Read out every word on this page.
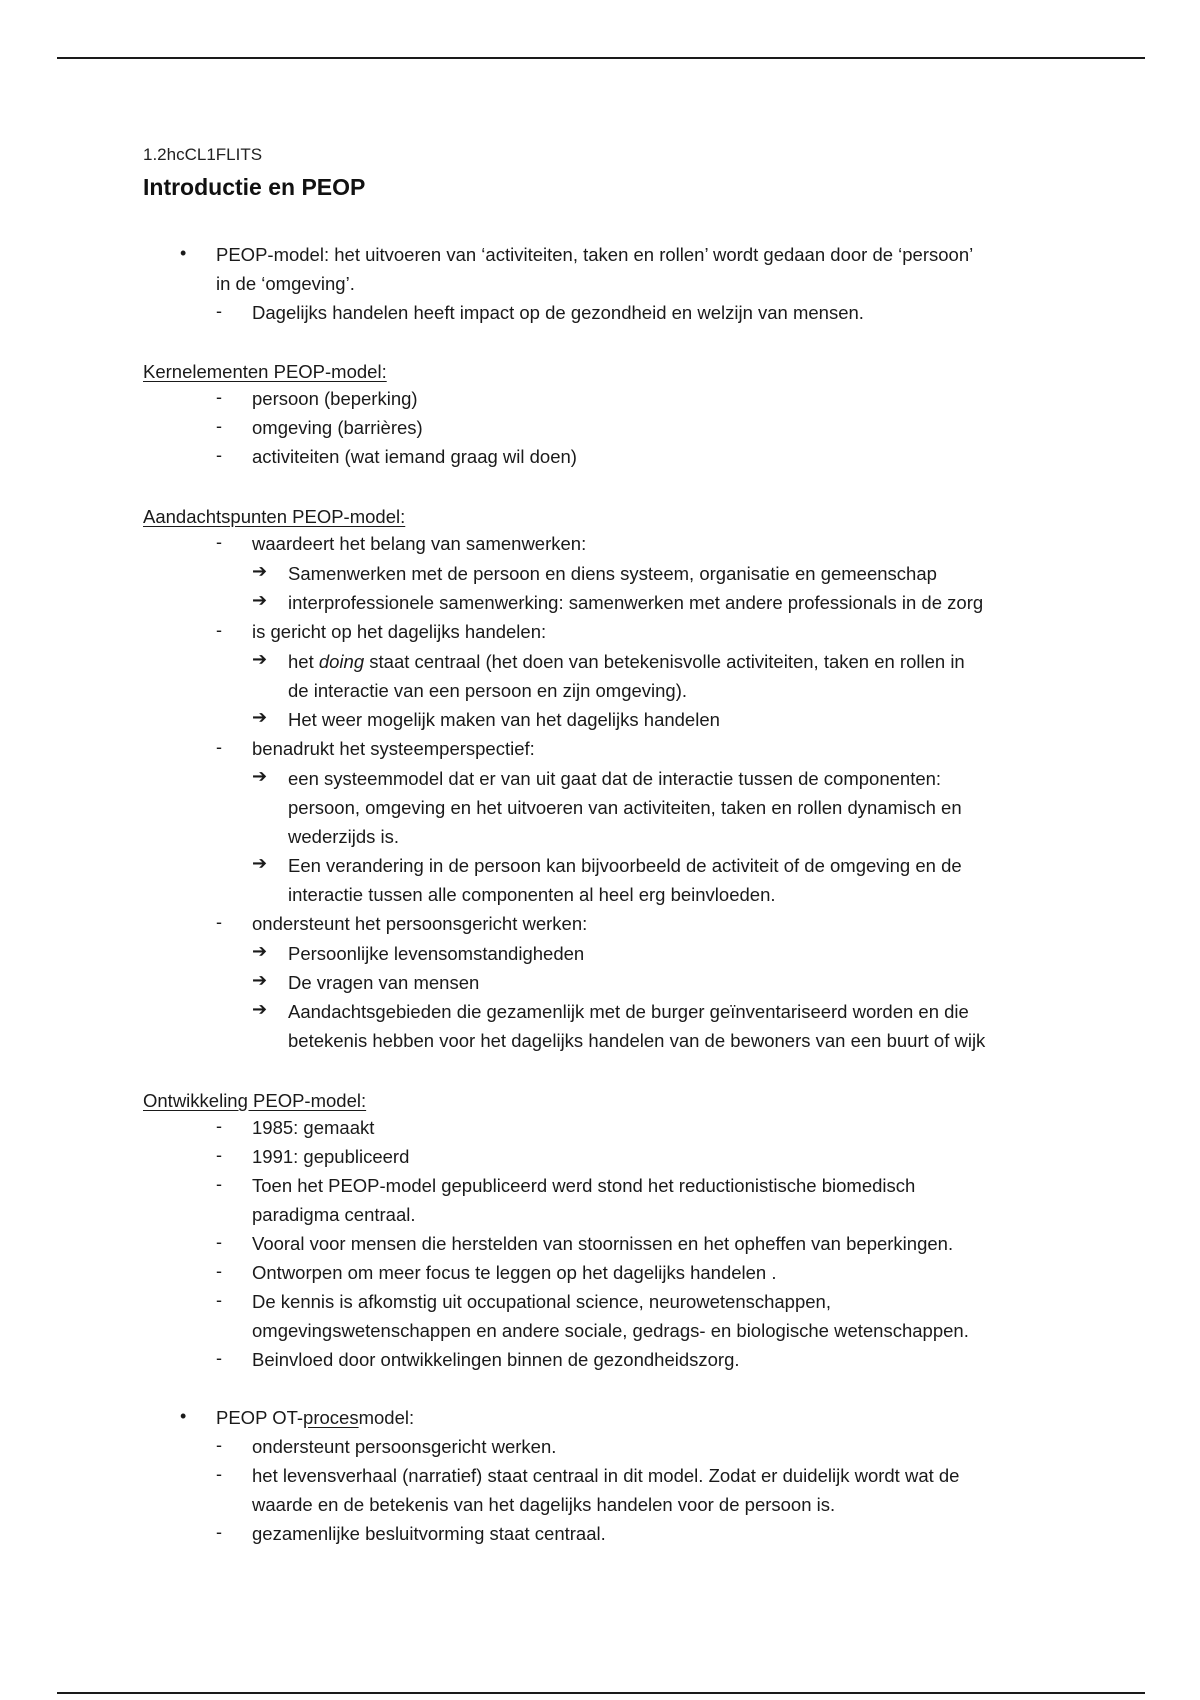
1.2hcCL1FLITS
Introductie en PEOP
• PEOP-model: het uitvoeren van ‘activiteiten, taken en rollen’ wordt gedaan door de ‘persoon’
in de ‘omgeving’.
- Dagelijks handelen heeft impact op de gezondheid en welzijn van mensen.
Kernelementen PEOP-model:
- persoon (beperking)
- omgeving (barrières)
- activiteiten (wat iemand graag wil doen)
Aandachtspunten PEOP-model:
- waardeert het belang van samenwerken:
➔ Samenwerken met de persoon en diens systeem, organisatie en gemeenschap
➔ interprofessionele samenwerking: samenwerken met andere professionals in de zorg
- is gericht op het dagelijks handelen:
➔ het doing staat centraal (het doen van betekenisvolle activiteiten, taken en rollen in
de interactie van een persoon en zijn omgeving).
➔ Het weer mogelijk maken van het dagelijks handelen
- benadrukt het systeemperspectief:
➔ een systeemmodel dat er van uit gaat dat de interactie tussen de componenten:
persoon, omgeving en het uitvoeren van activiteiten, taken en rollen dynamisch en
wederzijds is.
➔ Een verandering in de persoon kan bijvoorbeeld de activiteit of de omgeving en de
interactie tussen alle componenten al heel erg beinvloeden.
- ondersteunt het persoonsgericht werken:
➔ Persoonlijke levensomstandigheden
➔ De vragen van mensen
➔ Aandachtsgebieden die gezamenlijk met de burger geïnventariseerd worden en die
betekenis hebben voor het dagelijks handelen van de bewoners van een buurt of wijk
Ontwikkeling PEOP-model:
- 1985: gemaakt
- 1991: gepubliceerd
- Toen het PEOP-model gepubliceerd werd stond het reductionistische biomedisch
paradigma centraal.
- Vooral voor mensen die herstelden van stoornissen en het opheffen van beperkingen.
- Ontworpen om meer focus te leggen op het dagelijks handelen .
- De kennis is afkomstig uit occupational science, neurowetenschappen,
omgevingswetenschappen en andere sociale, gedrags- en biologische wetenschappen.
- Beinvloed door ontwikkelingen binnen de gezondheidszorg.
• PEOP OT-procesmodel:
- ondersteunt persoonsgericht werken.
- het levensverhaal (narratief) staat centraal in dit model. Zodat er duidelijk wordt wat de
waarde en de betekenis van het dagelijks handelen voor de persoon is.
- gezamenlijke besluitvorming staat centraal.
